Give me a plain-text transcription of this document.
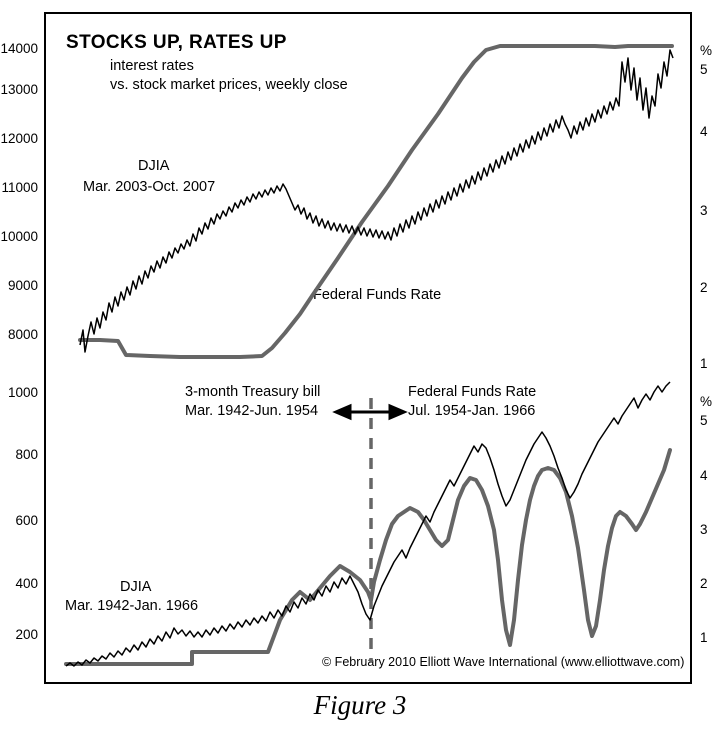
STOCKS UP, RATES UP
interest rates
vs. stock market prices, weekly close
14000
13000
12000
11000
10000
9000
8000
%
5
4
3
2
1
1000
800
600
400
200
%
5
4
3
2
1
DJIA
Mar. 2003-Oct. 2007
Federal Funds Rate
3-month Treasury bill
Mar. 1942-Jun. 1954
Federal Funds Rate
Jul. 1954-Jan. 1966
DJIA
Mar. 1942-Jan. 1966
© February 2010 Elliott Wave International (www.elliottwave.com)
Figure 3
